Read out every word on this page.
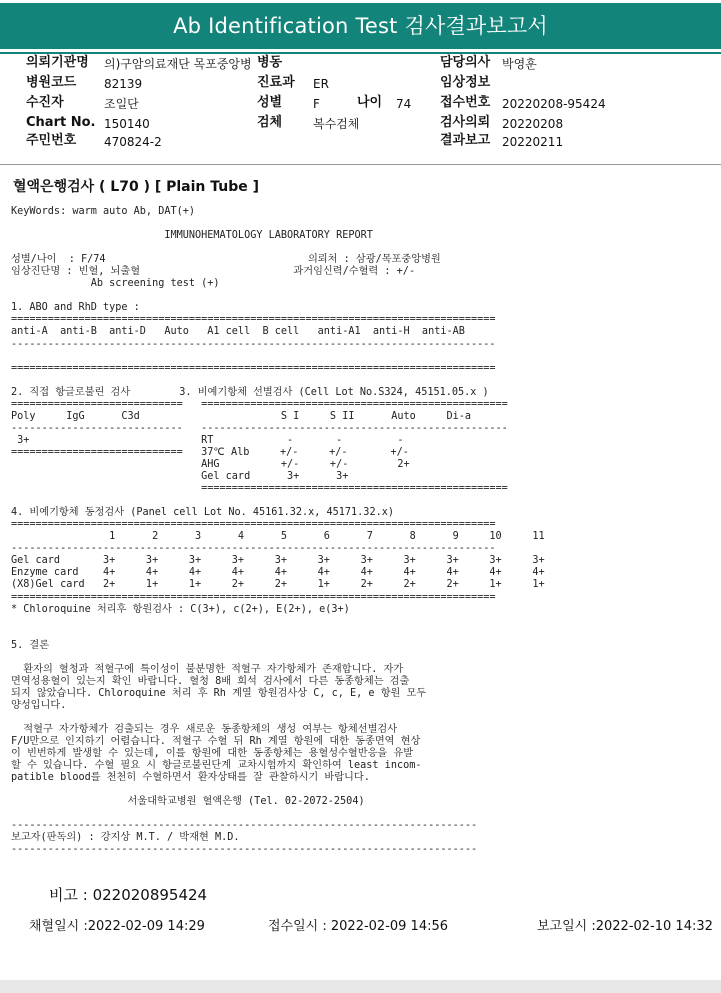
Ab Identification Test 검사결과보고서
의뢰기관명 의)구암의료재단 목포중앙병 병동	담당의사 박영훈
병원코드 82139	진료과 ER	임상정보
수진자	조일단	성별	F	나이 74 접수번호 20220208-95424
Chart No. 150140	검체	복수검체	검사의뢰 20220208
주민번호 470824-2	결과보고 20220211
혈액은행검사 ( L70 ) [ Plain Tube ]
KeyWords: warm auto Ab, DAT(+)

IMMUNOHEMATOLOGY LABORATORY REPORT

성별/나이  : F/74                                 의뢰처 : 삼광/목포중앙병원
임상진단명 : 빈혈, 뇌출혈                         과거임신력/수혈력 : +/-
Ab screening test (+)

1. ABO and RhD type :
===============================================================================
anti-A  anti-B  anti-D   Auto   A1 cell  B cell   anti-A1  anti-H  anti-AB
-------------------------------------------------------------------------------

===============================================================================

2. 직접 항글로불린 검사        3. 비예기항체 선별검사 (Cell Lot No.S324, 45151.05.x )
============================   ==================================================
Poly     IgG      C3d                       S I     S II      Auto     Di-a
----------------------------   --------------------------------------------------
3+                            RT            -       -         -
============================   37℃ Alb     +/-     +/-       +/-
AHG          +/-     +/-        2+
Gel card      3+      3+
==================================================

4. 비예기항체 동정검사 (Panel cell Lot No. 45161.32.x, 45171.32.x)
===============================================================================
1      2      3      4      5      6      7      8      9     10     11
-------------------------------------------------------------------------------
Gel card       3+     3+     3+     3+     3+     3+     3+     3+     3+     3+     3+
Enzyme card    4+     4+     4+     4+     4+     4+     4+     4+     4+     4+     4+
(X8)Gel card   2+     1+     1+     2+     2+     1+     2+     2+     2+     1+     1+
===============================================================================
* Chloroquine 처리후 항원검사 : C(3+), c(2+), E(2+), e(3+)

5. 결론

환자의 혈청과 적혈구에 특이성이 불분명한 적혈구 자가항체가 존재합니다. 자가
면역성용혈이 있는지 확인 바랍니다. 혈청 8배 희석 검사에서 다른 동종항체는 검출
되지 않았습니다. Chloroquine 처리 후 Rh 계열 항원검사상 C, c, E, e 항원 모두
양성입니다.

적혈구 자가항체가 검출되는 경우 새로운 동종항체의 생성 여부는 항체선별검사
F/U만으로 인지하기 어렵습니다. 적혈구 수혈 뒤 Rh 계열 항원에 대한 동종면역 현상
이 빈번하게 발생할 수 있는데, 이를 항원에 대한 동종항체는 용혈성수혈반응을 유발
할 수 있습니다. 수혈 필요 시 항글로불린단계 교차시험까지 확인하여 least incom-
patible blood를 천천히 수혈하면서 환자상태를 잘 관찰하시기 바랍니다.

서울대학교병원 혈액은행 (Tel. 02-2072-2504)

----------------------------------------------------------------------------
보고자(판독의) : 강지상 M.T. / 박재현 M.D.
----------------------------------------------------------------------------
비고 : 022020895424
채혈일시 :2022-02-09 14:29	접수일시 : 2022-02-09 14:56	보고일시 :2022-02-10 14:32
